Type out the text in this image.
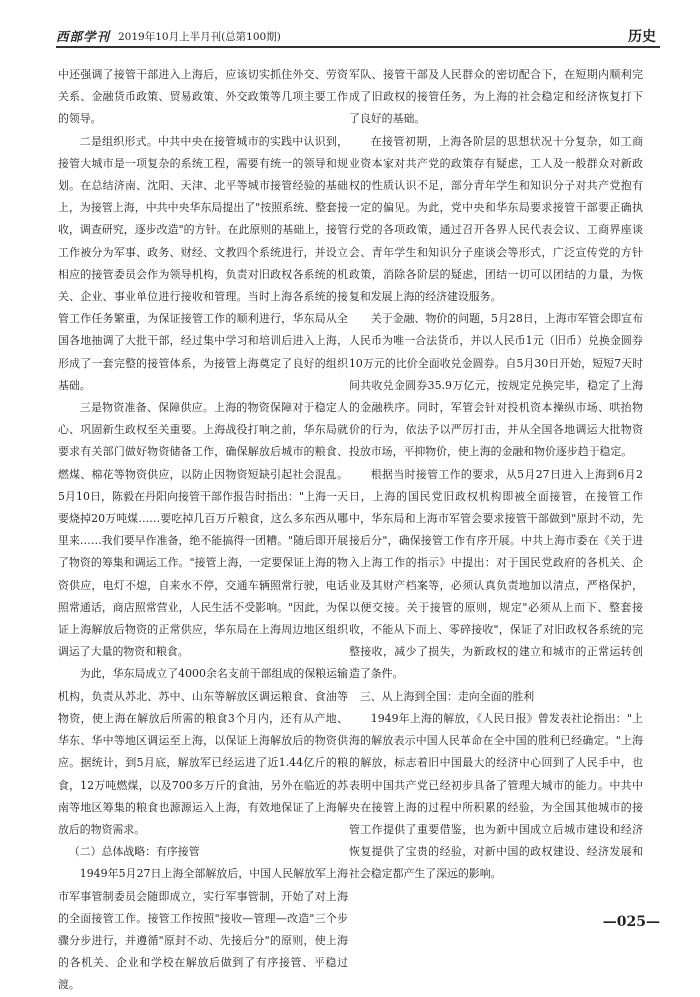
西部学刊 2019年10月上半月刊(总第100期)	历史

中还强调了接管干部进入上海后，应该切实抓住外交、劳资关系、金融货币政策、贸易政策、外交政策等几项主要工作的领导。

二是组织形式。中共中央在接管城市的实践中认识到，接管大城市是一项复杂的系统工程，需要有统一的领导和规划。在总结济南、沈阳、天津、北平等城市接管经验的基础上，为接管上海，中共中央华东局提出了"按照系统、整套接收，调查研究，逐步改造"的方针。在此原则的基础上，接管工作被分为军事、政务、财经、文教四个系统进行，并设立相应的接管委员会作为领导机构，负责对旧政权各系统的机关、企业、事业单位进行接收和管理。当时上海各系统的接管工作任务繁重，为保证接管工作的顺利进行，华东局从全国各地抽调了大批干部，经过集中学习和培训后进入上海，形成了一套完整的接管体系，为接管上海奠定了良好的组织基础。

三是物资准备、保障供应。上海的物资保障对于稳定人心、巩固新生政权至关重要。上海战役打响之前，华东局就要求有关部门做好物资储备工作，确保解放后城市的粮食、燃煤、棉花等物资供应，以防止因物资短缺引起社会混乱。5月10日，陈毅在丹阳向接管干部作报告时指出："上海一天要烧掉20万吨煤……要吃掉几百万斤粮食，这么多东西从哪里来……我们要早作准备，绝不能搞得一团糟。"随后即开展了物资的筹集和调运工作。"接管上海，一定要保证上海的物资供应，电灯不熄，自来水不停，交通车辆照常行驶，电话照常通话，商店照常营业，人民生活不受影响。"因此，为保证上海解放后物资的正常供应，华东局在上海周边地区组织调运了大量的物资和粮食。

为此，华东局成立了4000余名支前干部组成的保粮运输机构，负责从苏北、苏中、山东等解放区调运粮食、食油等物资，使上海在解放后所需的粮食3个月内，还有从产地、华东、华中等地区调运至上海，以保证上海解放后的物资供应。据统计，到5月底，解放军已经运进了近1.44亿斤的粮食，12万吨燃煤，以及700多万斤的食油，另外在临近的苏南等地区筹集的粮食也源源运入上海，有效地保证了上海解放后的物资需求。

（二）总体战略：有序接管

1949年5月27日上海全部解放后，中国人民解放军上海市军事管制委员会随即成立，实行军事管制，开始了对上海的全面接管工作。接管工作按照"接收—管理—改造"三个步骤分步进行，并遵循"原封不动、先接后分"的原则，使上海的各机关、企业和学校在解放后做到了有序接管、平稳过渡。

军队、接管干部及人民群众的密切配合下，在短期内顺利完成了旧政权的接管任务，为上海的社会稳定和经济恢复打下了良好的基础。

在接管初期，上海各阶层的思想状况十分复杂，如工商业资本家对共产党的政策存有疑虑，工人及一般群众对新政权的性质认识不足，部分青年学生和知识分子对共产党抱有一定的偏见。为此，党中央和华东局要求接管干部要正确执行党的各项政策，通过召开各界人民代表会议、工商界座谈会、青年学生和知识分子座谈会等形式，广泛宣传党的方针政策，消除各阶层的疑虑，团结一切可以团结的力量，为恢复和发展上海的经济建设服务。

关于金融、物价的问题，5月28日，上海市军管会即宣布人民币为唯一合法货币，并以人民币1元（旧币）兑换金圆券10万元的比价全面收兑金圆券。自5月30日开始，短短7天时间共收兑金圆券35.9万亿元，按规定兑换完毕，稳定了上海的金融秩序。同时，军管会针对投机资本操纵市场、哄抬物价的行为，依法予以严厉打击，并从全国各地调运大批物资投放市场，平抑物价，使上海的金融和物价逐步趋于稳定。

根据当时接管工作的要求，从5月27日进入上海到6月2日，上海的国民党旧政权机构即被全面接管，在接管工作中，华东局和上海市军管会要求接管干部做到"原封不动，先接后分"，确保接管工作有序开展。中共上海市委在《关于进入上海工作的指示》中提出：对于国民党政府的各机关、企业及其财产档案等，必须认真负责地加以清点，严格保护，以便交接。关于接管的原则，规定"必须从上而下、整套接收，不能从下而上、零碎接收"，保证了对旧政权各系统的完整接收，减少了损失，为新政权的建立和城市的正常运转创造了条件。

三、从上海到全国：走向全面的胜利

1949年上海的解放，《人民日报》曾发表社论指出："上海的解放表示中国人民革命在全中国的胜利已经确定。"上海的解放，标志着旧中国最大的经济中心回到了人民手中，也表明中国共产党已经初步具备了管理大城市的能力。中共中央在接管上海的过程中所积累的经验，为全国其他城市的接管工作提供了重要借鉴，也为新中国成立后城市建设和经济恢复提供了宝贵的经验，对新中国的政权建设、经济发展和社会稳定都产生了深远的影响。

—025—
